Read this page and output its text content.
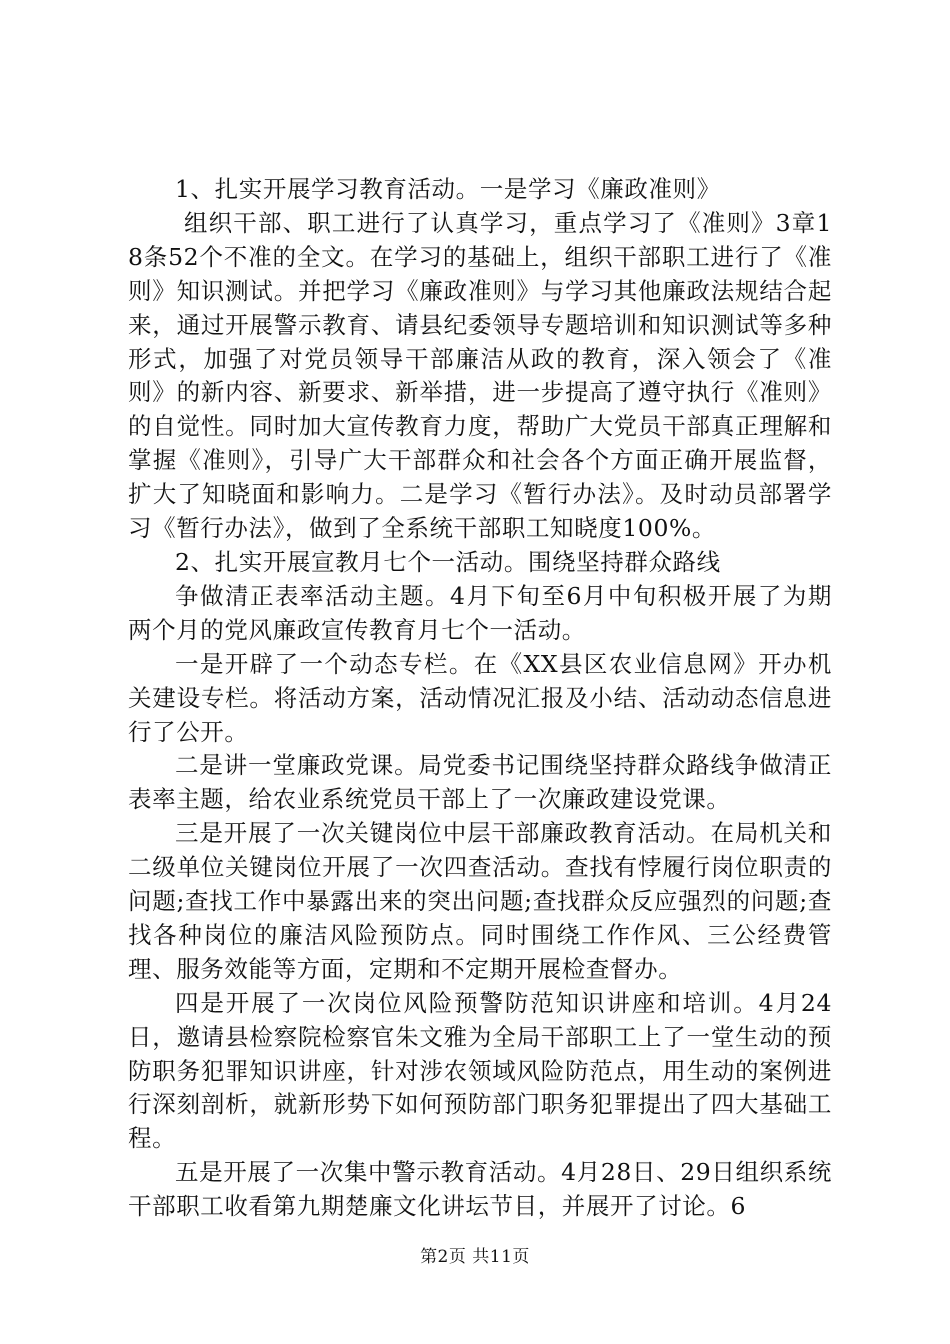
1、扎实开展学习教育活动。一是学习《廉政准则》

组织干部、职工进行了认真学习，重点学习了《准则》3章18条52个不准的全文。在学习的基础上，组织干部职工进行了《准则》知识测试。并把学习《廉政准则》与学习其他廉政法规结合起来，通过开展警示教育、请县纪委领导专题培训和知识测试等多种形式，加强了对党员领导干部廉洁从政的教育，深入领会了《准则》的新内容、新要求、新举措，进一步提高了遵守执行《准则》的自觉性。同时加大宣传教育力度，帮助广大党员干部真正理解和掌握《准则》，引导广大干部群众和社会各个方面正确开展监督，扩大了知晓面和影响力。二是学习《暂行办法》。及时动员部署学习《暂行办法》，做到了全系统干部职工知晓度100%。

2、扎实开展宣教月七个一活动。围绕坚持群众路线

争做清正表率活动主题。4月下旬至6月中旬积极开展了为期两个月的党风廉政宣传教育月七个一活动。

一是开辟了一个动态专栏。在《XX县区农业信息网》开办机关建设专栏。将活动方案，活动情况汇报及小结、活动动态信息进行了公开。

二是讲一堂廉政党课。局党委书记围绕坚持群众路线争做清正表率主题，给农业系统党员干部上了一次廉政建设党课。

三是开展了一次关键岗位中层干部廉政教育活动。在局机关和二级单位关键岗位开展了一次四查活动。查找有悖履行岗位职责的问题;查找工作中暴露出来的突出问题;查找群众反应强烈的问题;查找各种岗位的廉洁风险预防点。同时围绕工作作风、三公经费管理、服务效能等方面，定期和不定期开展检查督办。

四是开展了一次岗位风险预警防范知识讲座和培训。4月24日，邀请县检察院检察官朱文雅为全局干部职工上了一堂生动的预防职务犯罪知识讲座，针对涉农领域风险防范点，用生动的案例进行深刻剖析，就新形势下如何预防部门职务犯罪提出了四大基础工程。

五是开展了一次集中警示教育活动。4月28日、29日组织系统干部职工收看第九期楚廉文化讲坛节目，并展开了讨论。6

第2页 共11页
